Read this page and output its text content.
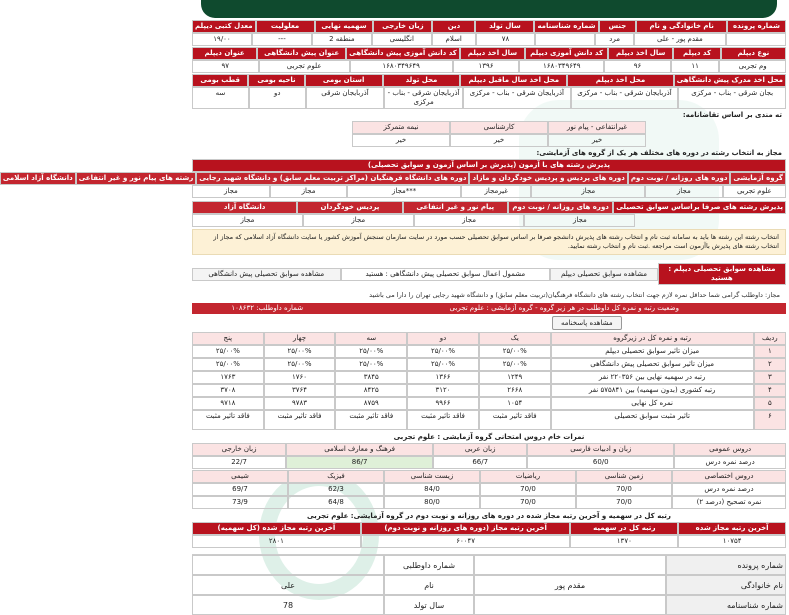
شماره پرونده
نام خانوادگی و نام
جنس
شماره شناسنامه
سال تولد
دین
زبان خارجی
سهمیه نهایی
معلولیت
معدل کتبی دیپلم
مقدم پور - علی
مرد
۷۸
اسلام
انگلیسی
منطقه 2
---
۱۹/۰۰
نوع دیپلم
کد دیپلم
سال اخذ دیپلم
کد دانش آموزی دیپلم
سال اخذ دیپلم
کد دانش آموزی پیش دانشگاهی
عنوان پیش دانشگاهی
عنوان دیپلم
وم تجربی
۱۱
۹۶
۱۶۸۰۳۴۹۶۴۹
۱۳۹۶
۱۶۸۰۳۴۹۶۴۹
علوم تجربی
۹۷
محل اخذ مدرک پیش دانشگاهی
محل اخذ دیپلم
محل اخذ سال ماقبل دیپلم
محل تولد
استان بومی
ناحیه بومی
قطب بومی
بجان شرقی - بناب - مرکزی
آذربایجان شرقی - بناب - مرکزی
آذربایجان شرقی - بناب - مرکزی
آذربایجان شرقی - بناب - مرکزی
آذربایجان شرقی
دو
سه
ته مندی بر اساس تقاضانامه:
غیرانتفاعی - پیام نور
کارشناسی
نیمه متمرکز
خیر
خیر
خیر
مجاز به انتخاب رشته در دوره های مختلف هر یک از گروه های آزمایشی:
پذیرش رشته های با آزمون (پذیرش بر اساس آزمون و سوابق تحصیلی)
گروه آزمایشی
دوره های روزانه / نوبت دوم
دوره های پردیس و پردیس خودگردان و مازاد
دوره های دانشگاه فرهنگیان (مراکز تربیت معلم سابق) و دانشگاه شهید رجایی
رشته های پیام نور و غیر انتفاعی
دانشگاه آزاد اسلامی
علوم تجربی
مجاز
مجاز
غیرمجاز
***مجاز
مجاز
مجاز
پذیرش رشته های صرفا براساس سوابق تحصیلی
دوره های روزانه / نوبت دوم
پیام نور و غیر انتفاعی
پردیس خودگردان
دانشگاه آزاد
مجاز
مجاز
مجاز
مجاز
انتخاب رشته این رشته ها باید به سامانه ثبت نام و انتخاب رشته های پذیرش دانشجو صرفا بر اساس سوابق تحصیلی حسب مورد در سایت سازمان سنجش آموزش کشور یا سایت دانشگاه آزاد اسلامی که مجاز از انتخاب رشته های پذیرش باآزمون است مراجعه .ثبت نام و انتخاب رشته نمایید.
مشاهده سوابق تحصیلی دیپلم : هستید
مشاهده سوابق تحصیلی دیپلم
مشمول اعمال سوابق تحصیلی پیش دانشگاهی : هستید
مشاهده سوابق تحصیلی پیش دانشگاهی
مجاز: داوطلب گرامی شما حداقل نمره لازم جهت انتخاب رشته های دانشگاه فرهنگیان(تربیت معلم سابق) و دانشگاه شهید رجایی تهران را دارا می باشید
وضعیت رتبه و نمره کل داوطلب در هر زیر گروه - گروه آزمایشی : علوم تجربی
شماره داوطلب: ۱۰۸۶۳۲
مشاهده پاسخنامه
ردیف
رتبه و نمره کل در زیرگروه
یک
دو
سه
چهار
پنج
۱
میزان تاثیر سوابق تحصیلی دیپلم
۲۵/۰۰%
۲۵/۰۰%
۲۵/۰۰%
۲۵/۰۰%
۲۵/۰۰%
۲
میزان تاثیر سوابق تحصیلی پیش دانشگاهی
۲۵/۰۰%
۲۵/۰۰%
۲۵/۰۰%
۲۵/۰۰%
۲۵/۰۰%
۳
رتبه در سهمیه نهایی بین ۲۲۰۳۵۶ نفر
۱۲۴۹
۱۳۶۶
۳۸۴۵
۱۷۶۰
۱۷۶۳
۴
رتبه کشوری (بدون سهمیه) بین ۵۷۵۸۴۱ نفر
۲۶۶۸
۳۱۲۰
۸۴۲۵
۳۷۶۴
۳۷۰۸
۵
نمره کل نهایی
۱۰۵۴
۹۹۶۶
۸۷۵۹
۹۷۸۳
۹۷۱۸
۶
تاثیر مثبت سوابق تحصیلی
فاقد تاثیر مثبت
فاقد تاثیر مثبت
فاقد تاثیر مثبت
فاقد تاثیر مثبت
فاقد تاثیر مثبت
نمرات خام دروس امتحانی گروه آزمایشی : علوم تجربی
دروس عمومی
زبان و ادبیات فارسی
زبان عربی
فرهنگ و معارف اسلامی
زبان خارجی
درصد نمره درس
60/0
66/7
86/7
22/7
دروس اختصاصی
زمین شناسی
ریاضیات
زیست شناسی
فیزیک
شیمی
درصد نمره درس
70/0
70/0
84/0
62/3
69/7
نمره تصحیح (درصد ۲)
70/0
70/0
80/0
64/8
73/9
رتبه کل در سهمیه و آخرین رتبه مجاز شده در دوره های روزانه و نوبت دوم در گروه آزمایشی: علوم تجربی
آخرین رتبه مجاز شده
رتبه کل در سهمیه
آخرین رتبه مجاز (دوره های روزانه و نوبت دوم)
آخرین رتبه مجاز شده (کل سهمیه)
۱۰۷۵۴
۱۳۷۰
۶۰۰۴۷
۲۸۰۱
شماره پرونده
شماره داوطلبی
نام خانوادگی
مقدم پور
نام
علی
شماره شناسنامه
سال تولد
78
